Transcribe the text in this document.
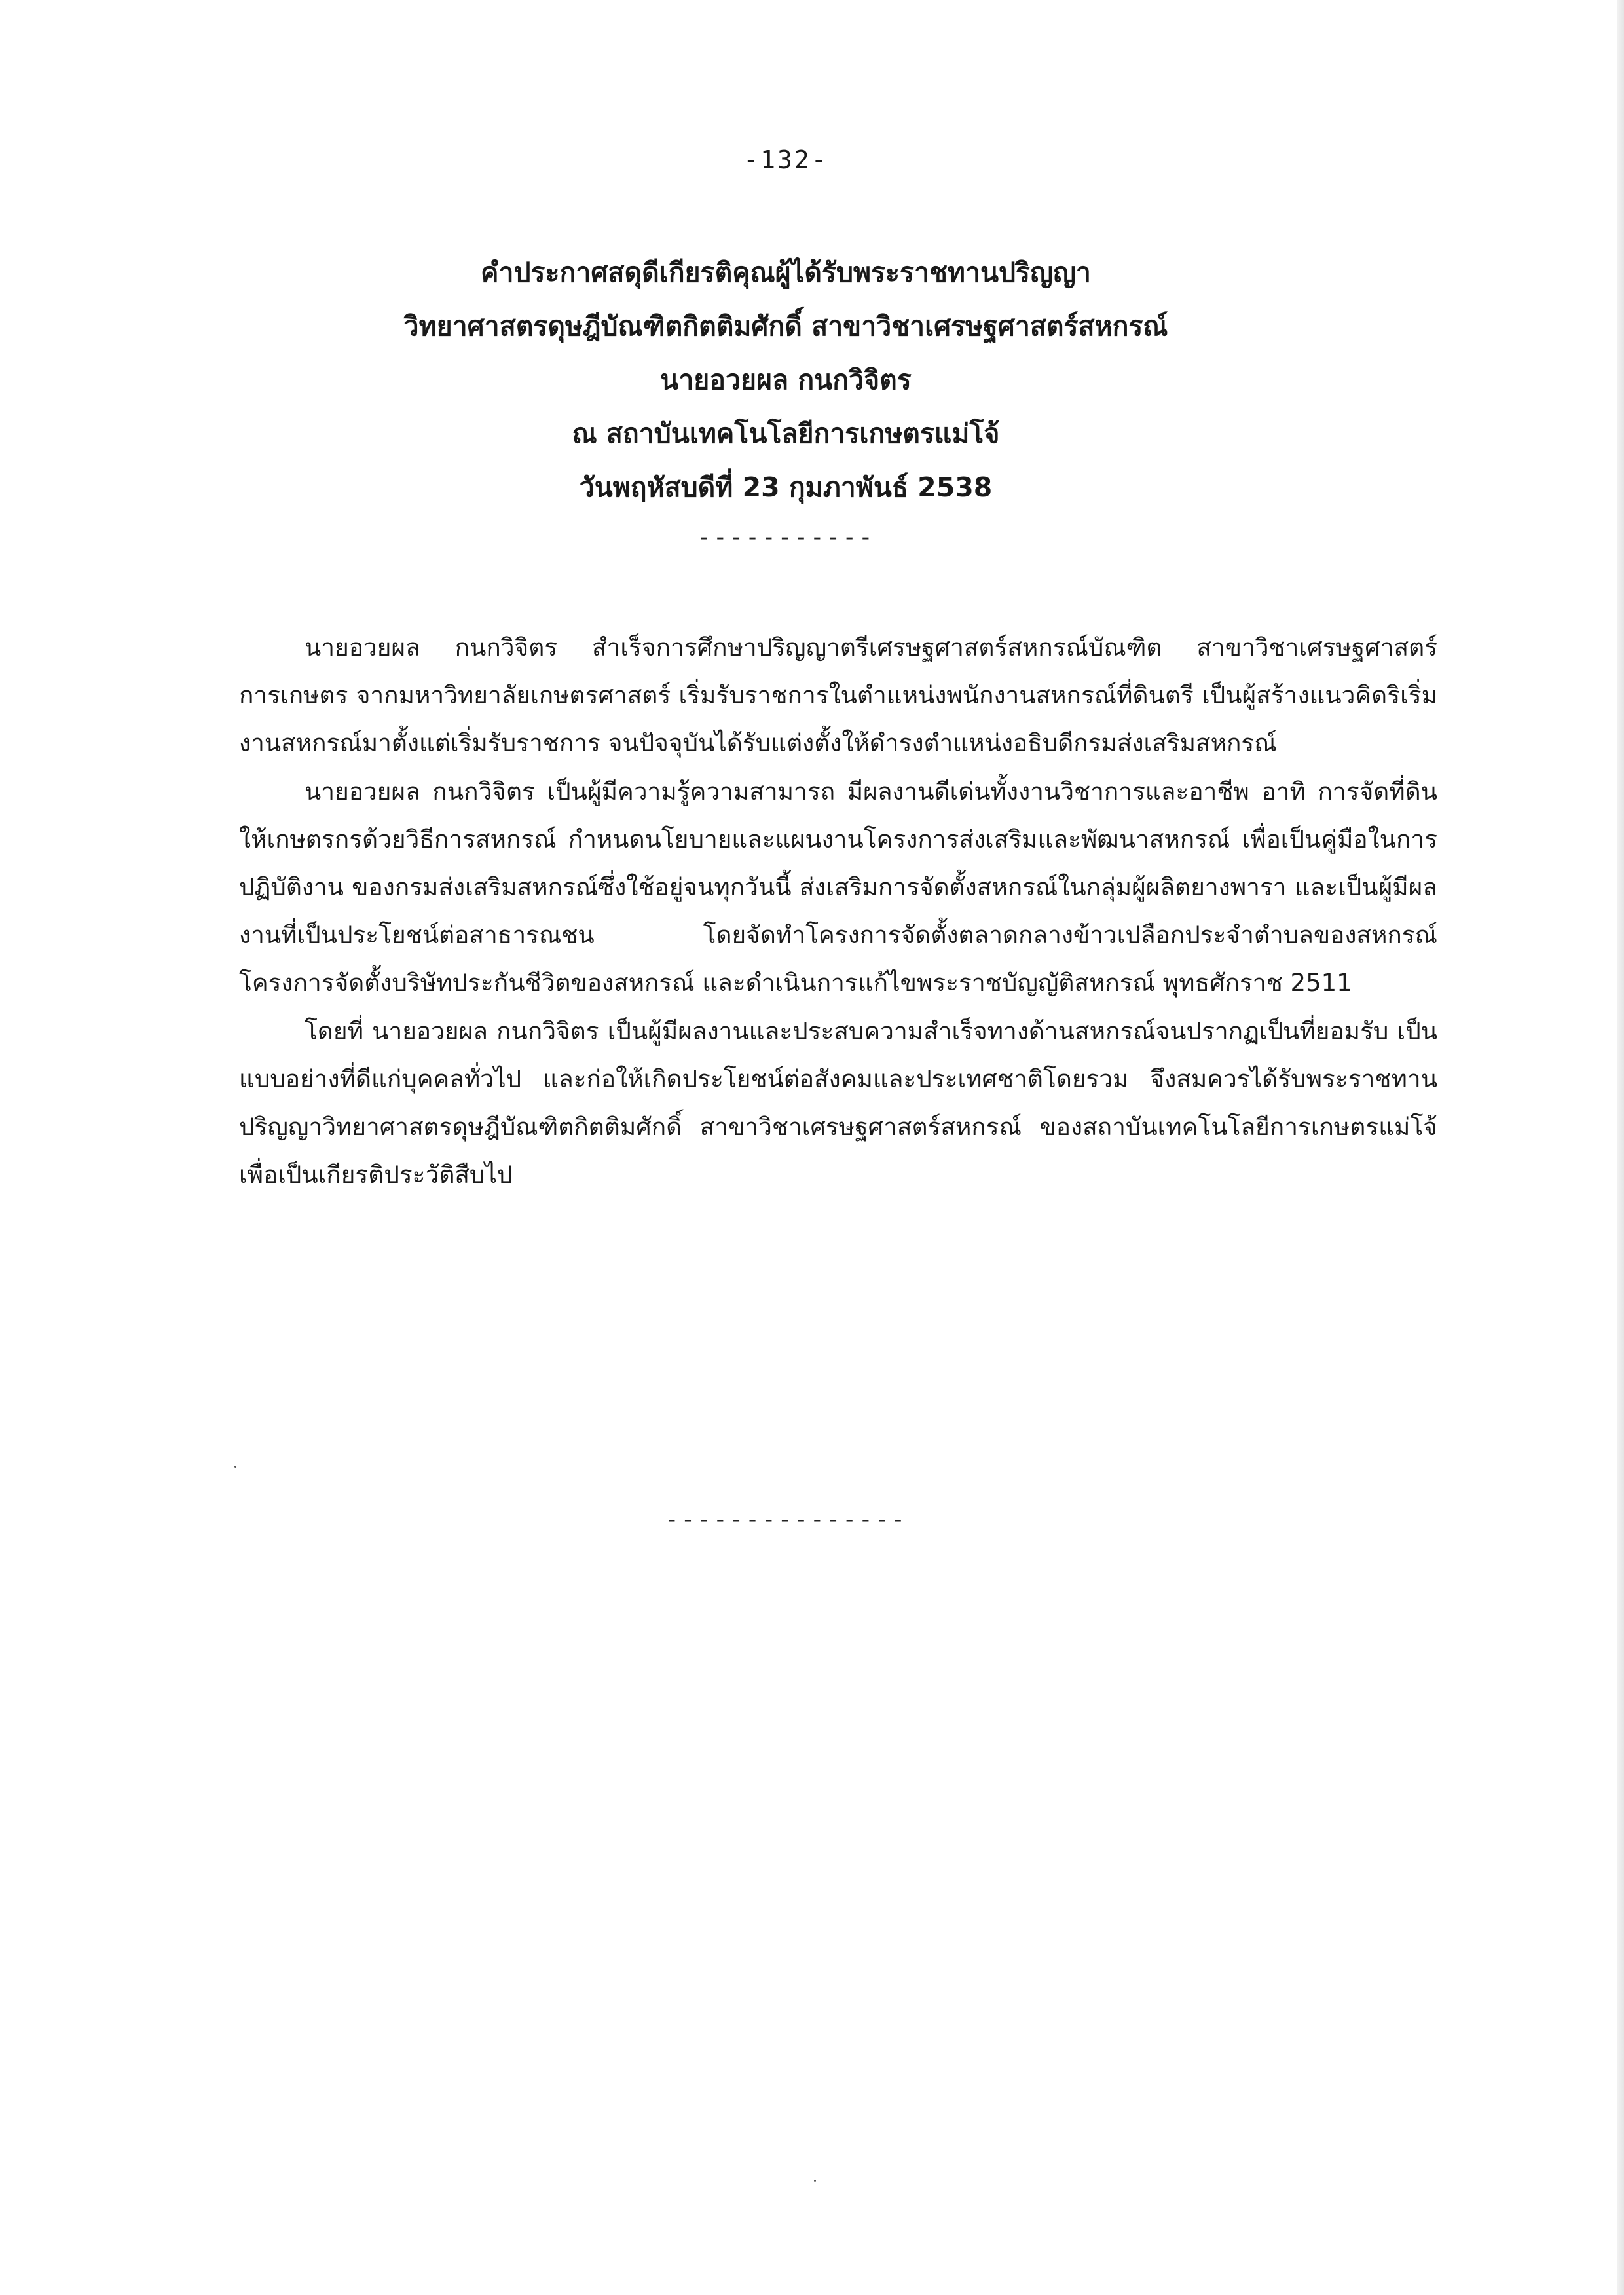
-132-
คำประกาศสดุดีเกียรติคุณผู้ได้รับพระราชทานปริญญา
วิทยาศาสตรดุษฎีบัณฑิตกิตติมศักดิ์ สาขาวิชาเศรษฐศาสตร์สหกรณ์
นายอวยผล กนกวิจิตร
ณ สถาบันเทคโนโลยีการเกษตรแม่โจ้
วันพฤหัสบดีที่ 23 กุมภาพันธ์ 2538
-----------

นายอวยผล กนกวิจิตร สำเร็จการศึกษาปริญญาตรีเศรษฐศาสตร์สหกรณ์บัณฑิต สาขาวิชาเศรษฐศาสตร์การเกษตร จากมหาวิทยาลัยเกษตรศาสตร์ เริ่มรับราชการในตำแหน่งพนักงานสหกรณ์ที่ดินตรี เป็นผู้สร้างแนวคิดริเริ่มงานสหกรณ์มาตั้งแต่เริ่มรับราชการ จนปัจจุบันได้รับแต่งตั้งให้ดำรงตำแหน่งอธิบดีกรมส่งเสริมสหกรณ์

นายอวยผล กนกวิจิตร เป็นผู้มีความรู้ความสามารถ มีผลงานดีเด่นทั้งงานวิชาการและอาชีพ อาทิ การจัดที่ดินให้เกษตรกรด้วยวิธีการสหกรณ์ กำหนดนโยบายและแผนงานโครงการส่งเสริมและพัฒนาสหกรณ์ เพื่อเป็นคู่มือในการปฏิบัติงาน ของกรมส่งเสริมสหกรณ์ซึ่งใช้อยู่จนทุกวันนี้ ส่งเสริมการจัดตั้งสหกรณ์ในกลุ่มผู้ผลิตยางพารา และเป็นผู้มีผลงานที่เป็นประโยชน์ต่อสาธารณชน โดยจัดทำโครงการจัดตั้งตลาดกลางข้าวเปลือกประจำตำบลของสหกรณ์ โครงการจัดตั้งบริษัทประกันชีวิตของสหกรณ์ และดำเนินการแก้ไขพระราชบัญญัติสหกรณ์ พุทธศักราช 2511

โดยที่ นายอวยผล กนกวิจิตร เป็นผู้มีผลงานและประสบความสำเร็จทางด้านสหกรณ์จนปรากฏเป็นที่ยอมรับ เป็นแบบอย่างที่ดีแก่บุคคลทั่วไป และก่อให้เกิดประโยชน์ต่อสังคมและประเทศชาติโดยรวม จึงสมควรได้รับพระราชทานปริญญาวิทยาศาสตรดุษฎีบัณฑิตกิตติมศักดิ์ สาขาวิชาเศรษฐศาสตร์สหกรณ์ ของสถาบันเทคโนโลยีการเกษตรแม่โจ้ เพื่อเป็นเกียรติประวัติสืบไป

---------------
